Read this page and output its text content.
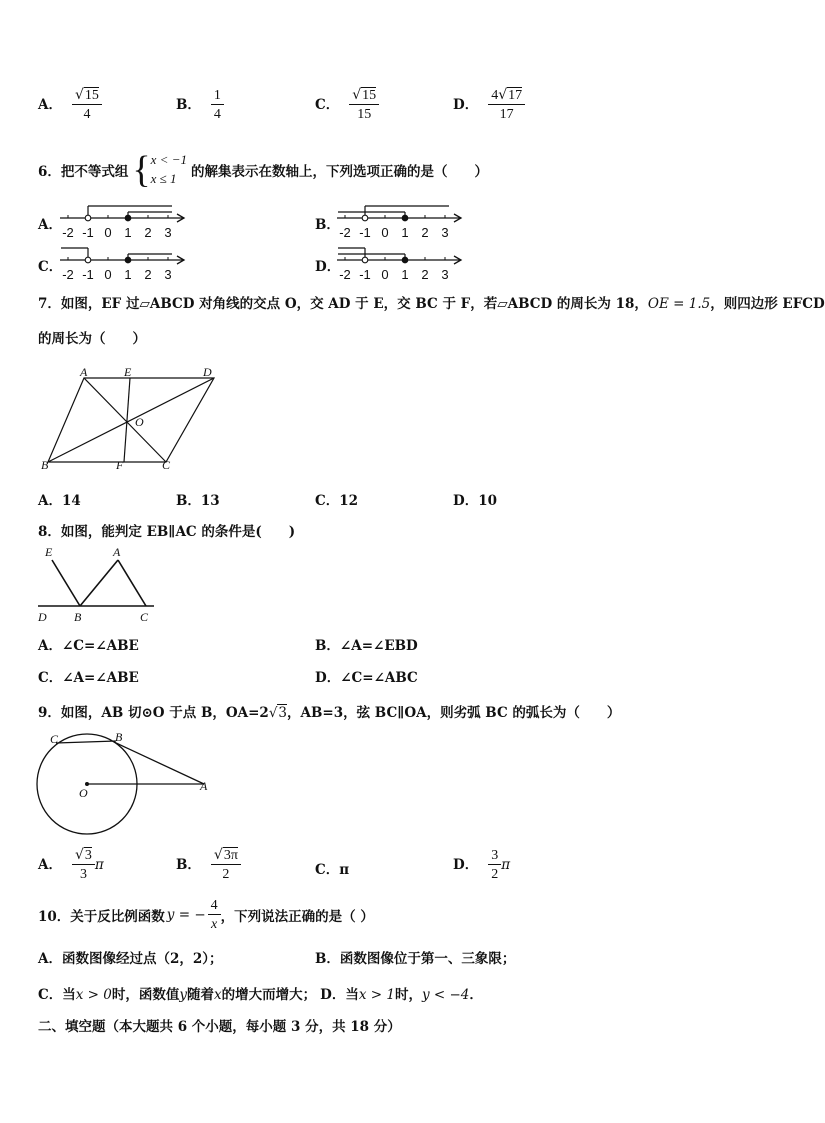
A． $\frac{√15}{4}$	B． $\frac{1}{4}$	C． $\frac{√15}{15}$	D． $\frac{4√17}{17}$
6．把不等式组 { x < −1
x ≤ 1	的解集表示在数轴上，下列选项正确的是（　　）
A．	B．
C．	D．
-2 -1 0 1 2 3	-2 -1 0 1 2 3
-2 -1 0 1 2 3	-2 -1 0 1 2 3
7．如图，EF 过▱ABCD 对角线的交点 O，交 AD 于 E，交 BC 于 F，若▱ABCD 的周长为 18，OE = 1.5，则四边形 EFCD
的周长为（　　）
A	E	D
O
B	F	C
A．14	B．13	C．12	D．10
8．如图，能判定 EB∥AC 的条件是(　　)
E	A
D B	C
A．∠C=∠ABE	B．∠A=∠EBD
C．∠A=∠ABE	D．∠C=∠ABC
9．如图，AB 切⊙O 于点 B，OA=2√3，AB=3，弦 BC∥OA，则劣弧 BC 的弧长为（　　）
C	B
O	A
A． $\frac{√3}{3}$ π	B． $\frac{√3\pi}{2}$	C．π	D． $\frac{3}{2}$ π
10．关于反比例函数 y = − $\frac{4}{x}$ ，下列说法正确的是（ ）
A．函数图像经过点（2，2）；	B．函数图像位于第一、三象限；
C．当x > 0时，函数值y随着x的增大而增大； D．当x > 1时，y < −4．
二、填空题（本大题共 6 个小题，每小题 3 分，共 18 分）
